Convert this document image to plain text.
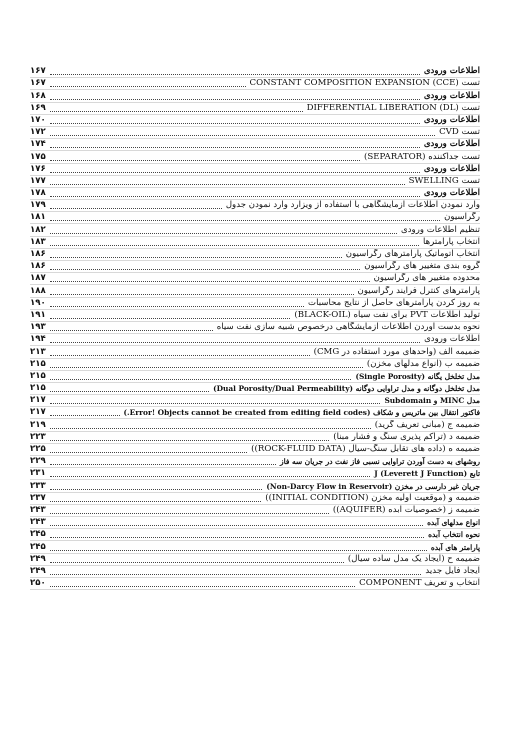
اطلاعات ورودی
۱۶۷
تست (CONSTANT COMPOSITION EXPANSION (CCE
۱۶۷
اطلاعات ورودی
۱۶۸
تست (DIFFERENTIAL LIBERATION (DL
۱۶۹
اطلاعات ورودی
۱۷۰
تست CVD
۱۷۲
اطلاعات ورودی
۱۷۴
تست جداکننده (SEPARATOR)
۱۷۵
اطلاعات ورودی
۱۷۶
تست SWELLING
۱۷۷
اطلاعات ورودی
۱۷۸
وارد نمودن اطلاعات آزمایشگاهی با استفاده از ویزارد وارد نمودن جدول
۱۷۹
رگراسیون
۱۸۱
تنظیم اطلاعات ورودی
۱۸۲
انتخاب پارامترها
۱۸۳
انتخاب اتوماتیک پارامترهای رگراسیون
۱۸۶
گروه بندی متغییر های رگراسیون
۱۸۶
محدوده متغییر های رگراسیون
۱۸۷
پارامترهای کنترل فرآیند رگراسیون
۱۸۸
به روز کردن پارامترهای حاصل از نتایج محاسبات
۱۹۰
تولید اطلاعات PVT برای نفت سیاه (BLACK-OIL)
۱۹۱
نحوه بدست آوردن اطلاعات آزمایشگاهی درخصوص شبیه سازی نفت سیاه
۱۹۳
اطلاعات ورودی
۱۹۴
ضمیمه الف (واحدهای مورد استفاده در CMG)
۲۱۳
ضمیمه ب (انواع مدلهای مخزن)
۲۱۵
مدل تخلخل یگانه (Single Porosity)
۲۱۵
مدل تخلخل دوگانه و مدل تراوایی دوگانه (Dual Porosity/Dual Permeability)
۲۱۵
مدل MINC و Subdomain
۲۱۷
فاکتور انتقال بین ماتریس و شکاف (Error! Objects cannot be created from editing field codes.)
۲۱۷
ضمیمه ج (مبانی تعریف گرید)
۲۱۹
ضمیمه د (تراکم پذیری سنگ و فشار مبنا)
۲۲۳
ضمیمه ه (داده های تقابل سنگ-سیال (ROCK-FLUID DATA))
۲۲۵
روشهای به دست آوردن تراوایی نسبی فاز نفت در جریان سه فاز
۲۲۹
تابع J (Leverett J Function)
۲۳۱
جریان غیر دارسی در مخزن (Non-Darcy Flow in Reservoir)
۲۳۳
ضمیمه و (موقعیت اولیه مخزن (INITIAL CONDITION))
۲۳۷
ضمیمه ز (خصوصیات آبده (AQUIFER))
۲۴۳
انواع مدلهای آبده
۲۴۳
نحوه انتخاب آبده
۲۴۵
پارامتر های آبده
۲۴۵
ضمیمه ح (ایجاد یک مدل ساده سیال)
۲۴۹
ایجاد فایل جدید
۲۴۹
انتخاب و تعریف COMPONENT
۲۵۰
